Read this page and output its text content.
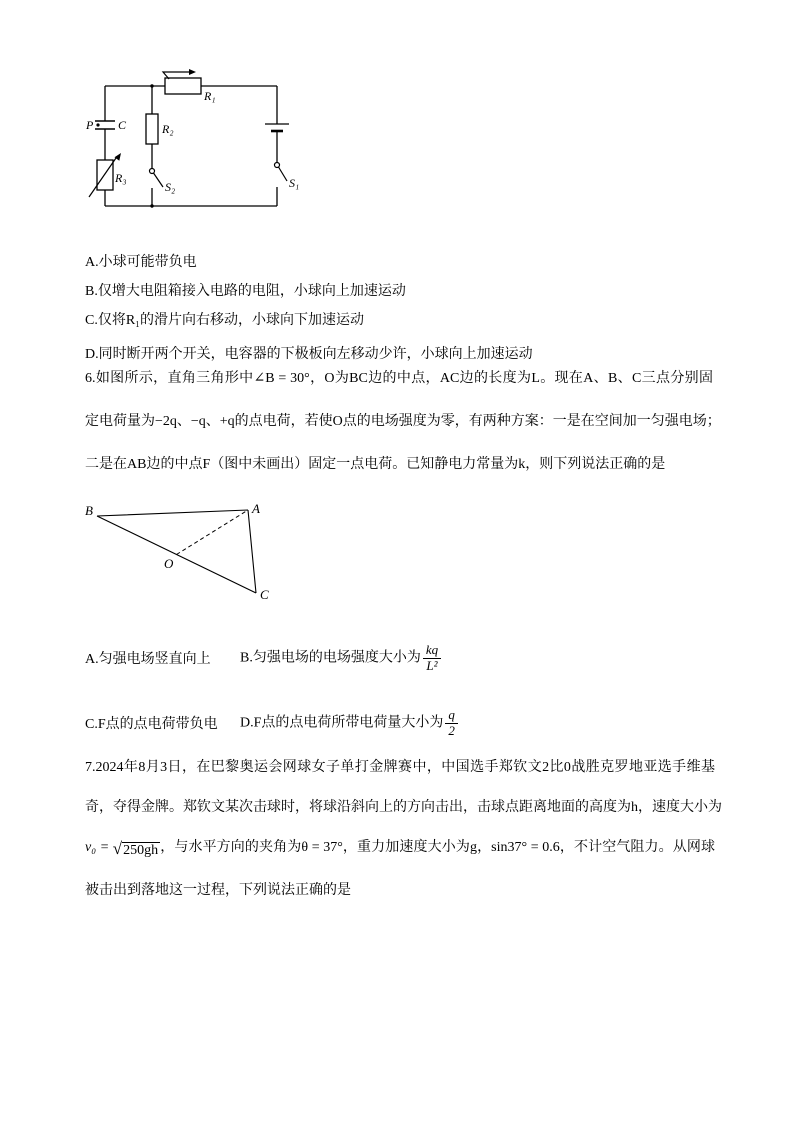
R₁
P C
R₃
R₂
S₂	S₁
A.小球可能带负电
B.仅增大电阻箱接入电路的电阻，小球向上加速运动
C.仅将R₁的滑片向右移动，小球向下加速运动
D.同时断开两个开关，电容器的下极板向左移动少许，小球向上加速运动
6.如图所示，直角三角形中∠B = 30°，O为BC边的中点，AC边的长度为L。现在A、B、C三点分别固
定电荷量为−2q、−q、+q的点电荷，若使O点的电场强度为零，有两种方案：一是在空间加一匀强电场；
二是在AB边的中点F（图中未画出）固定一点电荷。已知静电力常量为k，则下列说法正确的是
B	A
O
C
A.匀强电场竖直向上	B.匀强电场的电场强度大小为 $\frac{kq}{\text{L²}}$
C.F点的点电荷带负电	D.F点的点电荷所带电荷量大小为 $\frac{q}{2}$
7.2024年8月3日，在巴黎奥运会网球女子单打金牌赛中，中国选手郑钦文2比0战胜克罗地亚选手维基
奇，夺得金牌。郑钦文某次击球时，将球沿斜向上的方向击出，击球点距离地面的高度为h，速度大小为
v₀ = √250gh ，与水平方向的夹角为θ = 37°，重力加速度大小为g，sin37° = 0.6，不计空气阻力。从网球
被击出到落地这一过程，下列说法正确的是
